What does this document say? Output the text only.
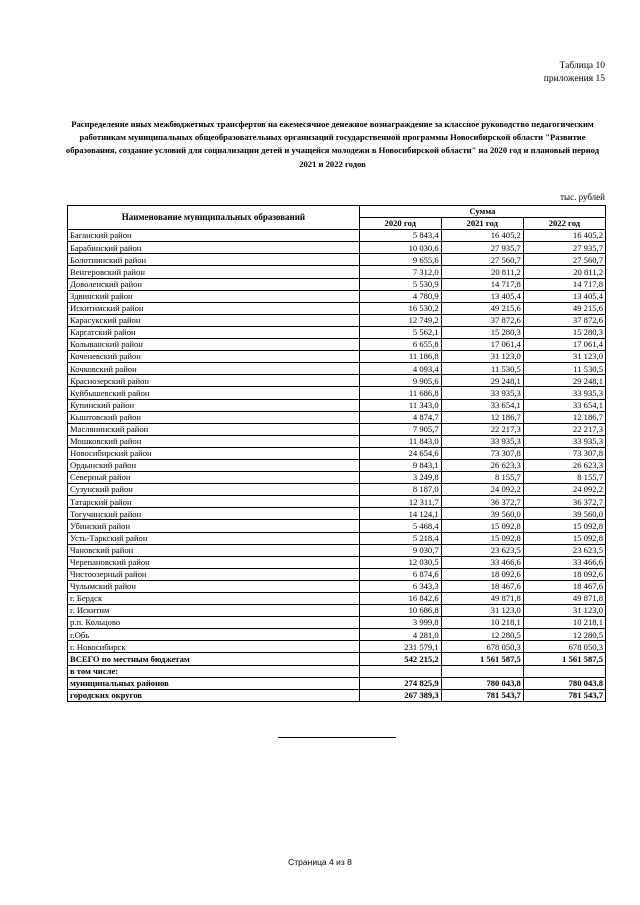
Таблица 10
приложения 15
Распределение иных межбюджетных трансфертов на ежемесячное денежное вознаграждение за классное руководство педагогическим работникам муниципальных общеобразовательных организаций государственной программы Новосибирской области "Развитие образования, создание условий для социализации детей и учащейся молодежи в Новосибирской области" на 2020 год и плановый период 2021 и 2022 годов
тыс. рублей
Наименование муниципальных образований	Сумма		
	2020 год	2021 год	2022 год
Баганский район	5 843,4	16 405,2	16 405,2
Барабинский район	10 030,6	27 935,7	27 935,7
Болотнинский район	9 655,6	27 560,7	27 560,7
Венгеровский район	7 312,0	20 811,2	20 811,2
Доволенский район	5 530,9	14 717,8	14 717,8
Здвинский район	4 780,9	13 405,4	13 405,4
Искитимский район	16 530,2	49 215,6	49 215,6
Карасукский район	12 749,2	37 872,6	37 872,6
Каргатский район	5 562,1	15 280,3	15 280,3
Колыванский район	6 655,8	17 061,4	17 061,4
Коченевский район	11 186,8	31 123,0	31 123,0
Кочковский район	4 093,4	11 530,5	11 530,5
Краснозерский район	9 905,6	29 248,1	29 248,1
Куйбышевский район	11 686,8	33 935,3	33 935,3
Купинский район	11 343,0	33 654,1	33 654,1
Кыштовский район	4 874,7	12 186,7	12 186,7
Маслянинский район	7 905,7	22 217,3	22 217,3
Мошковский район	11 843,0	33 935,3	33 935,3
Новосибирский район	24 654,6	73 307,8	73 307,8
Ордынский район	9 843,1	26 623,3	26 623,3
Северный район	3 249,8	8 155,7	8 155,7
Сузунский район	8 187,0	24 092,2	24 092,2
Татарский район	12 311,7	36 372,7	36 372,7
Тогучинский район	14 124,1	39 560,0	39 560,0
Убинский район	5 468,4	15 092,8	15 092,8
Усть-Таркский район	5 218,4	15 092,8	15 092,8
Чановский район	9 030,7	23 623,5	23 623,5
Черепановский район	12 030,5	33 466,6	33 466,6
Чистоозерный район	6 874,6	18 092,6	18 092,6
Чулымский район	6 343,3	18 467,6	18 467,6
г. Бердск	16 842,6	49 871,8	49 871,8
г. Искитим	10 686,8	31 123,0	31 123,0
р.п. Кольцово	3 999,8	10 218,1	10 218,1
г.Обь	4 281,0	12 280,5	12 280,5
г. Новосибирск	231 579,1	678 050,3	678 050,3
ВСЕГО по местным бюджетам	542 215,2	1 561 587,5	1 561 587,5
в том числе:			
муниципальных районов	274 825,9	780 043,8	780 043,8
городских округов	267 389,3	781 543,7	781 543,7
Страница 4 из 8
